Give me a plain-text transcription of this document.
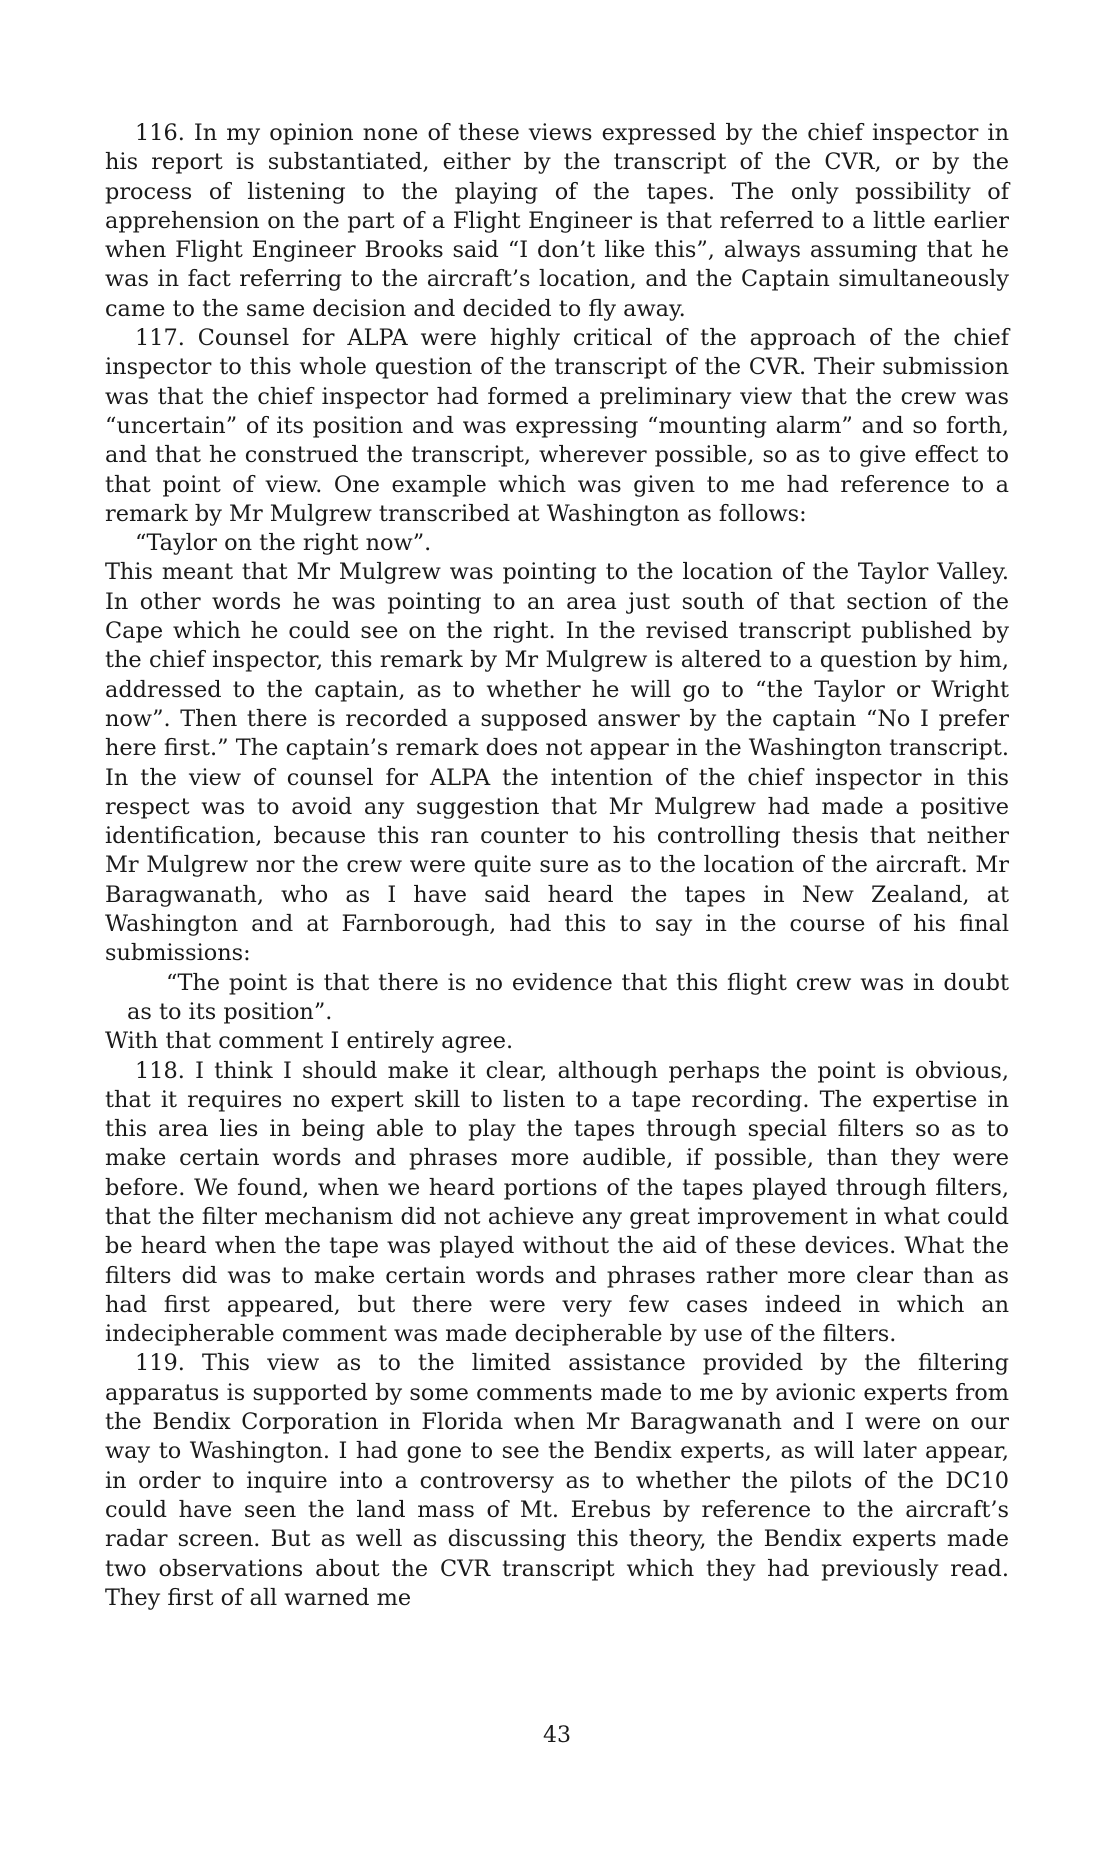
116. In my opinion none of these views expressed by the chief inspector in his report is substantiated, either by the transcript of the CVR, or by the process of listening to the playing of the tapes. The only possibility of apprehension on the part of a Flight Engineer is that referred to a little earlier when Flight Engineer Brooks said “I don’t like this”, always assuming that he was in fact referring to the aircraft’s location, and the Captain simultaneously came to the same decision and decided to fly away.

117. Counsel for ALPA were highly critical of the approach of the chief inspector to this whole question of the transcript of the CVR. Their submission was that the chief inspector had formed a preliminary view that the crew was “uncertain” of its position and was expressing “mounting alarm” and so forth, and that he construed the transcript, wherever possible, so as to give effect to that point of view. One example which was given to me had reference to a remark by Mr Mulgrew transcribed at Washington as follows:

“Taylor on the right now”.

This meant that Mr Mulgrew was pointing to the location of the Taylor Valley. In other words he was pointing to an area just south of that section of the Cape which he could see on the right. In the revised transcript published by the chief inspector, this remark by Mr Mulgrew is altered to a question by him, addressed to the captain, as to whether he will go to “the Taylor or Wright now”. Then there is recorded a supposed answer by the captain “No I prefer here first.” The captain’s remark does not appear in the Washington transcript. In the view of counsel for ALPA the intention of the chief inspector in this respect was to avoid any suggestion that Mr Mulgrew had made a positive identification, because this ran counter to his controlling thesis that neither Mr Mulgrew nor the crew were quite sure as to the location of the aircraft. Mr Baragwanath, who as I have said heard the tapes in New Zealand, at Washington and at Farnborough, had this to say in the course of his final submissions:

“The point is that there is no evidence that this flight crew was in doubt as to its position”.

With that comment I entirely agree.

118. I think I should make it clear, although perhaps the point is obvious, that it requires no expert skill to listen to a tape recording. The expertise in this area lies in being able to play the tapes through special filters so as to make certain words and phrases more audible, if possible, than they were before. We found, when we heard portions of the tapes played through filters, that the filter mechanism did not achieve any great improvement in what could be heard when the tape was played without the aid of these devices. What the filters did was to make certain words and phrases rather more clear than as had first appeared, but there were very few cases indeed in which an indecipherable comment was made decipherable by use of the filters.

119. This view as to the limited assistance provided by the filtering apparatus is supported by some comments made to me by avionic experts from the Bendix Corporation in Florida when Mr Baragwanath and I were on our way to Washington. I had gone to see the Bendix experts, as will later appear, in order to inquire into a controversy as to whether the pilots of the DC10 could have seen the land mass of Mt. Erebus by reference to the aircraft’s radar screen. But as well as discussing this theory, the Bendix experts made two observations about the CVR transcript which they had previously read. They first of all warned me

43
